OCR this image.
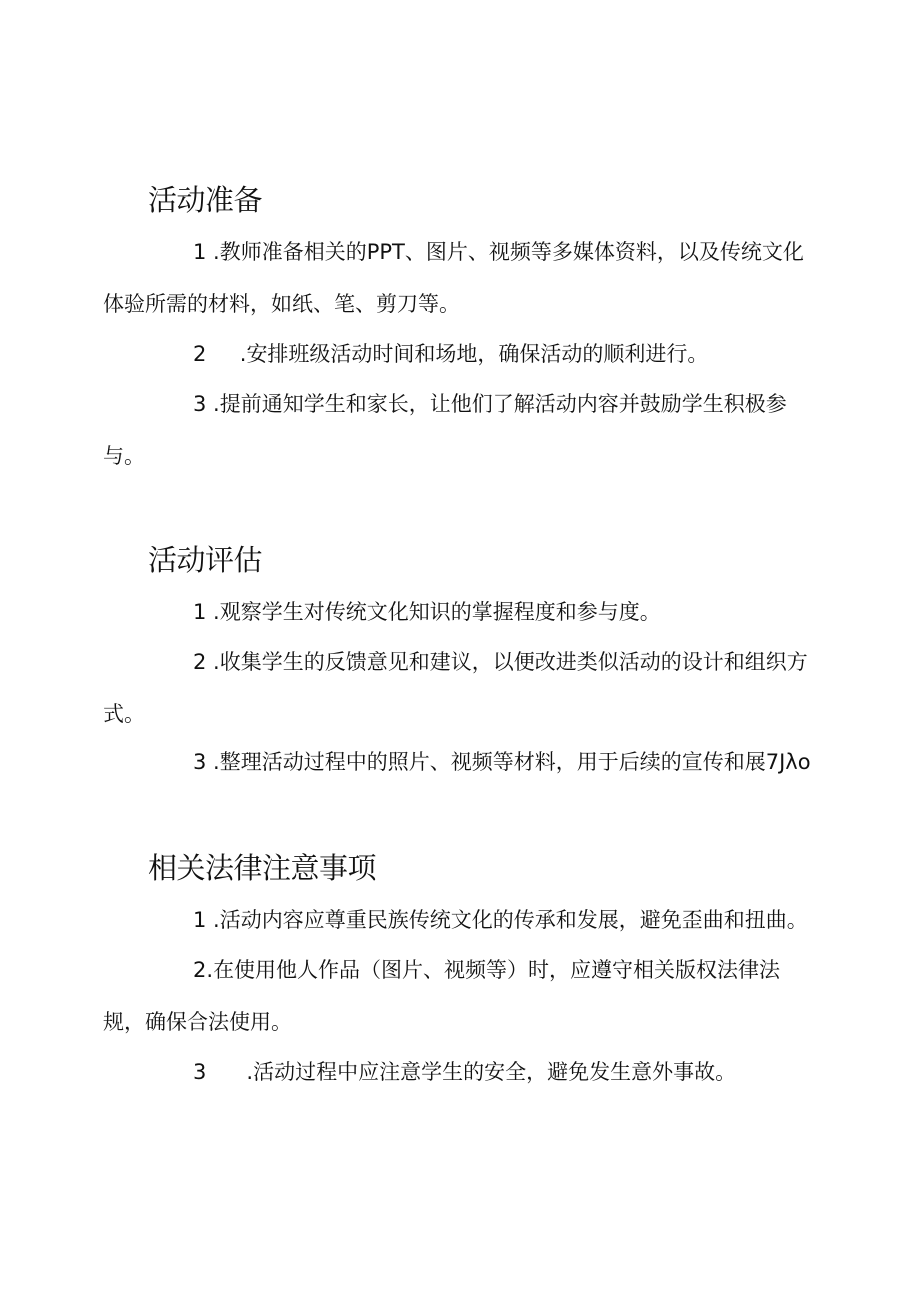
活动准备

1 .教师准备相关的PPT、图片、视频等多媒体资料，以及传统文化体验所需的材料，如纸、笔、剪刀等。

2     .安排班级活动时间和场地，确保活动的顺利进行。

3 .提前通知学生和家长，让他们了解活动内容并鼓励学生积极参与。

活动评估

1 .观察学生对传统文化知识的掌握程度和参与度。

2 .收集学生的反馈意见和建议，以便改进类似活动的设计和组织方式。

3 .整理活动过程中的照片、视频等材料，用于后续的宣传和展7Jλo

相关法律注意事项

1 .活动内容应尊重民族传统文化的传承和发展，避免歪曲和扭曲。

2.在使用他人作品（图片、视频等）时，应遵守相关版权法律法规，确保合法使用。

3      .活动过程中应注意学生的安全，避免发生意外事故。
